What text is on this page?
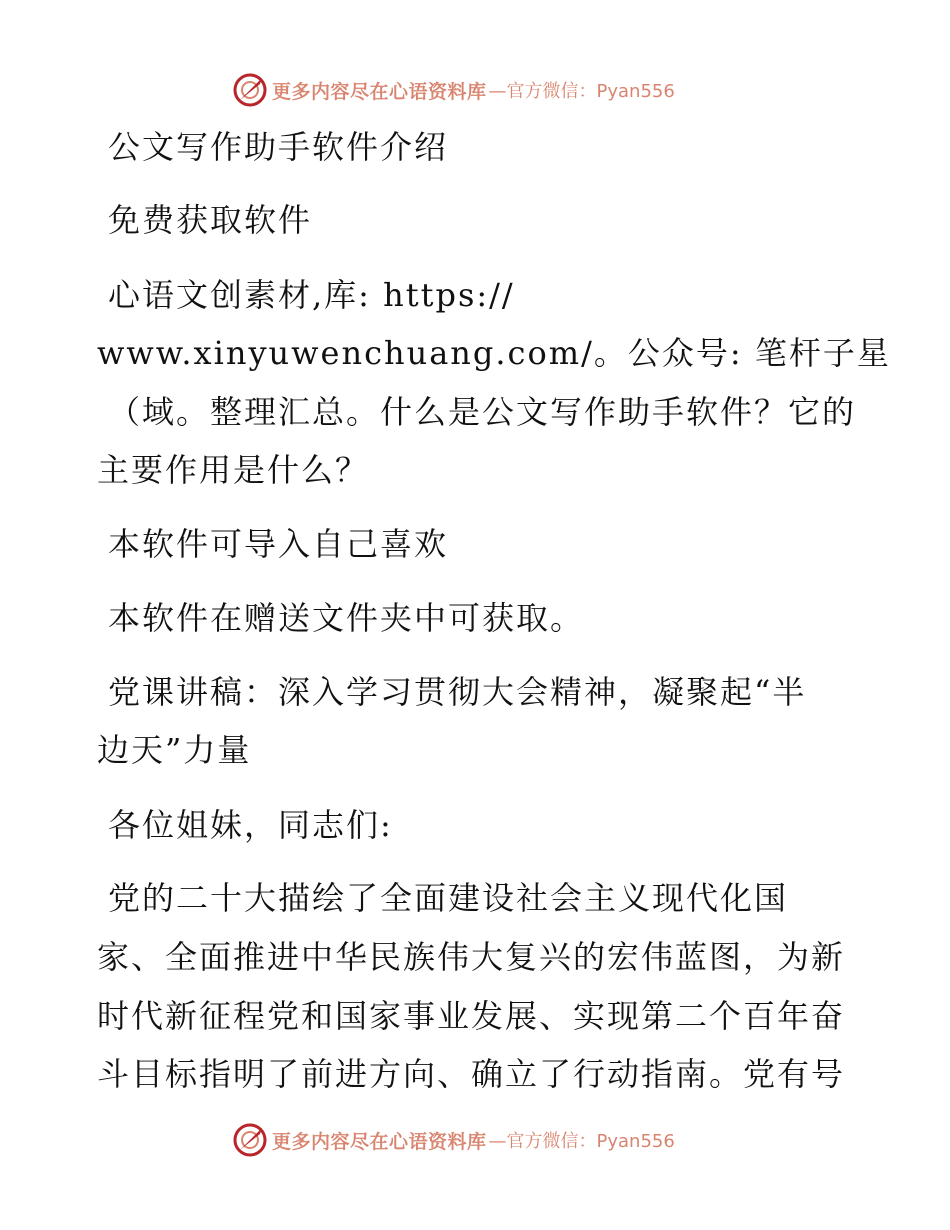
更多内容尽在心语资料库 —官方微信：Pyan556
公文写作助手软件介绍
免费获取软件
心语文创素材,库: https://
www.xinyuwenchuang.com/。公众号: 笔杆子星
（域。整理汇总。什么是公文写作助手软件？它的
主要作用是什么？
本软件可导入自己喜欢
本软件在赠送文件夹中可获取。
党课讲稿：深入学习贯彻大会精神，凝聚起“半
边天”力量
各位姐妹，同志们:
党的二十大描绘了全面建设社会主义现代化国
家、全面推进中华民族伟大复兴的宏伟蓝图，为新
时代新征程党和国家事业发展、实现第二个百年奋
斗目标指明了前进方向、确立了行动指南。党有号
更多内容尽在心语资料库 —官方微信：Pyan556
